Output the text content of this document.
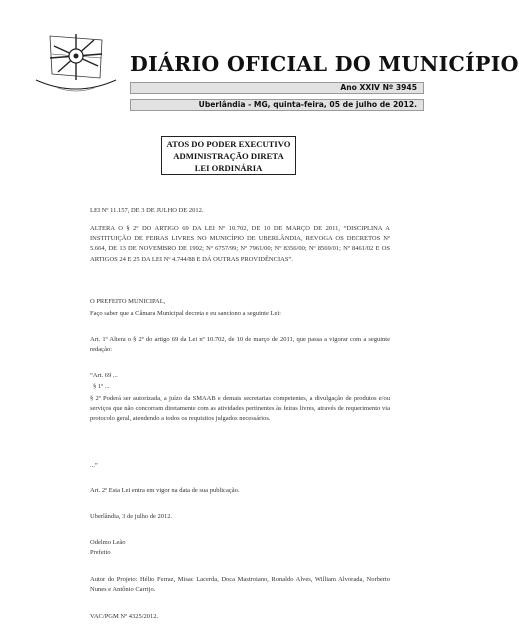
DIÁRIO OFICIAL DO MUNICÍPIO
Ano XXIV Nº 3945
Uberlândia - MG, quinta-feira, 05 de julho de 2012.
ATOS DO PODER EXECUTIVO
ADMINISTRAÇÃO DIRETA
LEI ORDINÁRIA
LEI Nº 11.157, DE 3 DE JULHO DE 2012.
ALTERA O § 2º DO ARTIGO 69 DA LEI Nº 10.702, DE 10 DE MARÇO DE 2011, “DISCIPLINA A INSTITUIÇÃO DE FEIRAS LIVRES NO MUNICÍPIO DE UBERLÂNDIA, REVOGA OS DECRETOS Nº 5.664, DE 13 DE NOVEMBRO DE 1992; Nº 6757/99; Nº 7961/00; Nº 8356/00; Nº 8569/01; Nº 8461/02 E OS ARTIGOS 24 E 25 DA LEI Nº 4.744/88 E DÁ OUTRAS PROVIDÊNCIAS”.
O PREFEITO MUNICIPAL,
Faço saber que a Câmara Municipal decreta e eu sanciono a seguinte Lei:
Art. 1º Altera o § 2º do artigo 69 da Lei nº 10.702, de 10 de março de 2011, que passa a vigorar com a seguinte redação:
“Art. 69 ...
§ 1º ...
§ 2º Poderá ser autorizada, a juízo da SMAAB e demais secretarias competentes, a divulgação de produtos e/ou serviços que não concorram diretamente com as atividades pertinentes às feiras livres, através de requerimento via protocolo geral, atendendo a todos os requisitos julgados necessários.
...”
Art. 2º Esta Lei entra em vigor na data de sua publicação.
Uberlândia, 3 de julho de 2012.
Odelmo Leão
Prefeito
Autor do Projeto: Hélio Ferraz, Misac Lacerda, Doca Mastroiano, Ronaldo Alves, William Alvorada, Norberto Nunes e Antônio Carrijo.
VAC/PGM Nº 4325/2012.
